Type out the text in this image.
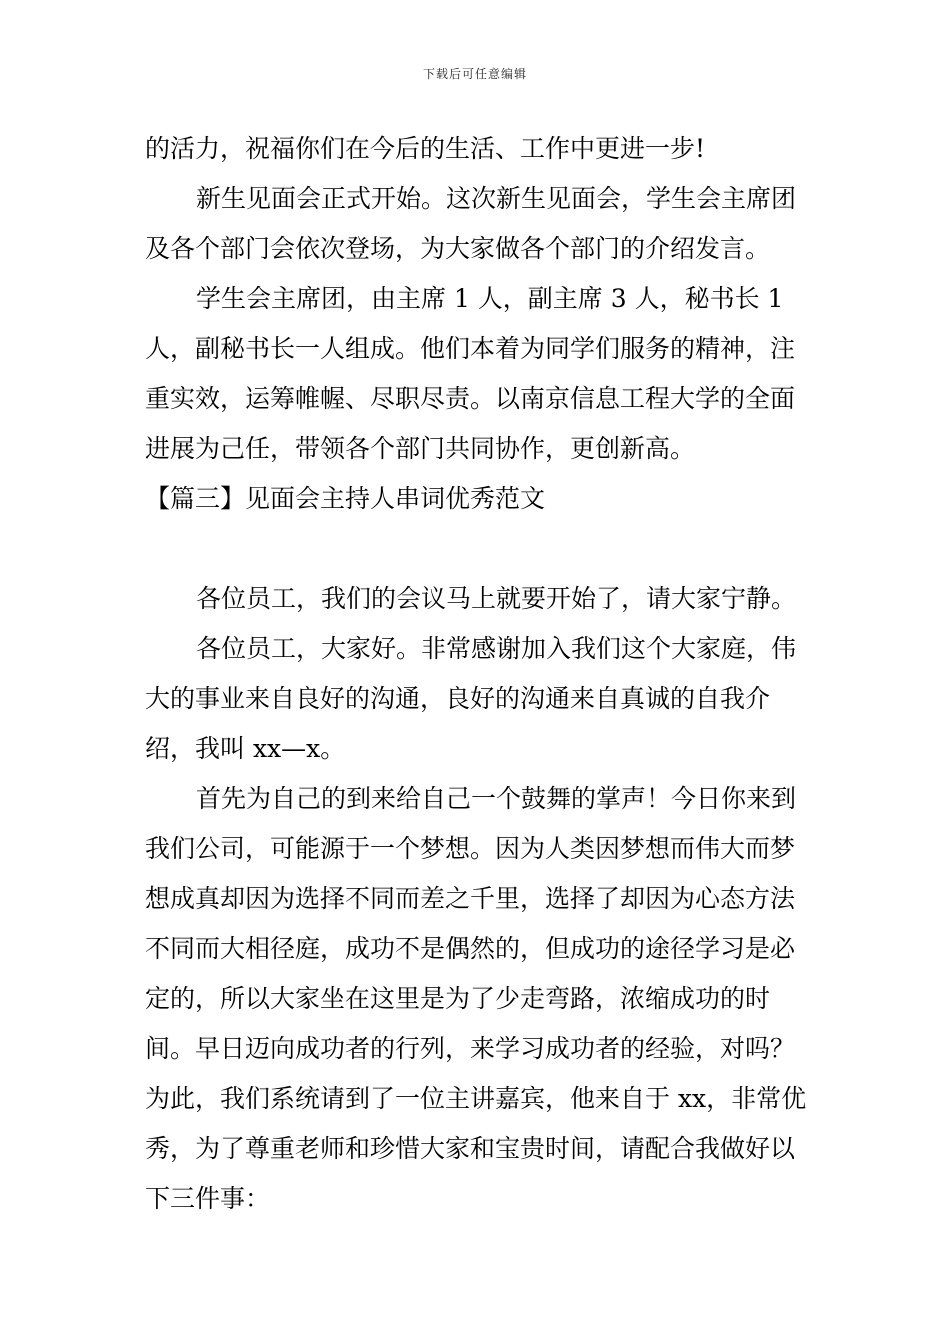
下载后可任意编辑

的活力，祝福你们在今后的生活、工作中更进一步!

新生见面会正式开始。这次新生见面会，学生会主席团及各个部门会依次登场，为大家做各个部门的介绍发言。

学生会主席团，由主席 1 人，副主席 3 人，秘书长 1 人，副秘书长一人组成。他们本着为同学们服务的精神，注重实效，运筹帷幄、尽职尽责。以南京信息工程大学的全面进展为己任，带领各个部门共同协作，更创新高。

【篇三】见面会主持人串词优秀范文

各位员工，我们的会议马上就要开始了，请大家宁静。

各位员工，大家好。非常感谢加入我们这个大家庭，伟大的事业来自良好的沟通，良好的沟通来自真诚的自我介绍，我叫 xx—x。

首先为自己的到来给自己一个鼓舞的掌声！今日你来到我们公司，可能源于一个梦想。因为人类因梦想而伟大而梦想成真却因为选择不同而差之千里，选择了却因为心态方法不同而大相径庭，成功不是偶然的，但成功的途径学习是必定的，所以大家坐在这里是为了少走弯路，浓缩成功的时间。早日迈向成功者的行列，来学习成功者的经验，对吗？为此，我们系统请到了一位主讲嘉宾，他来自于 xx，非常优秀，为了尊重老师和珍惜大家和宝贵时间，请配合我做好以下三件事：
